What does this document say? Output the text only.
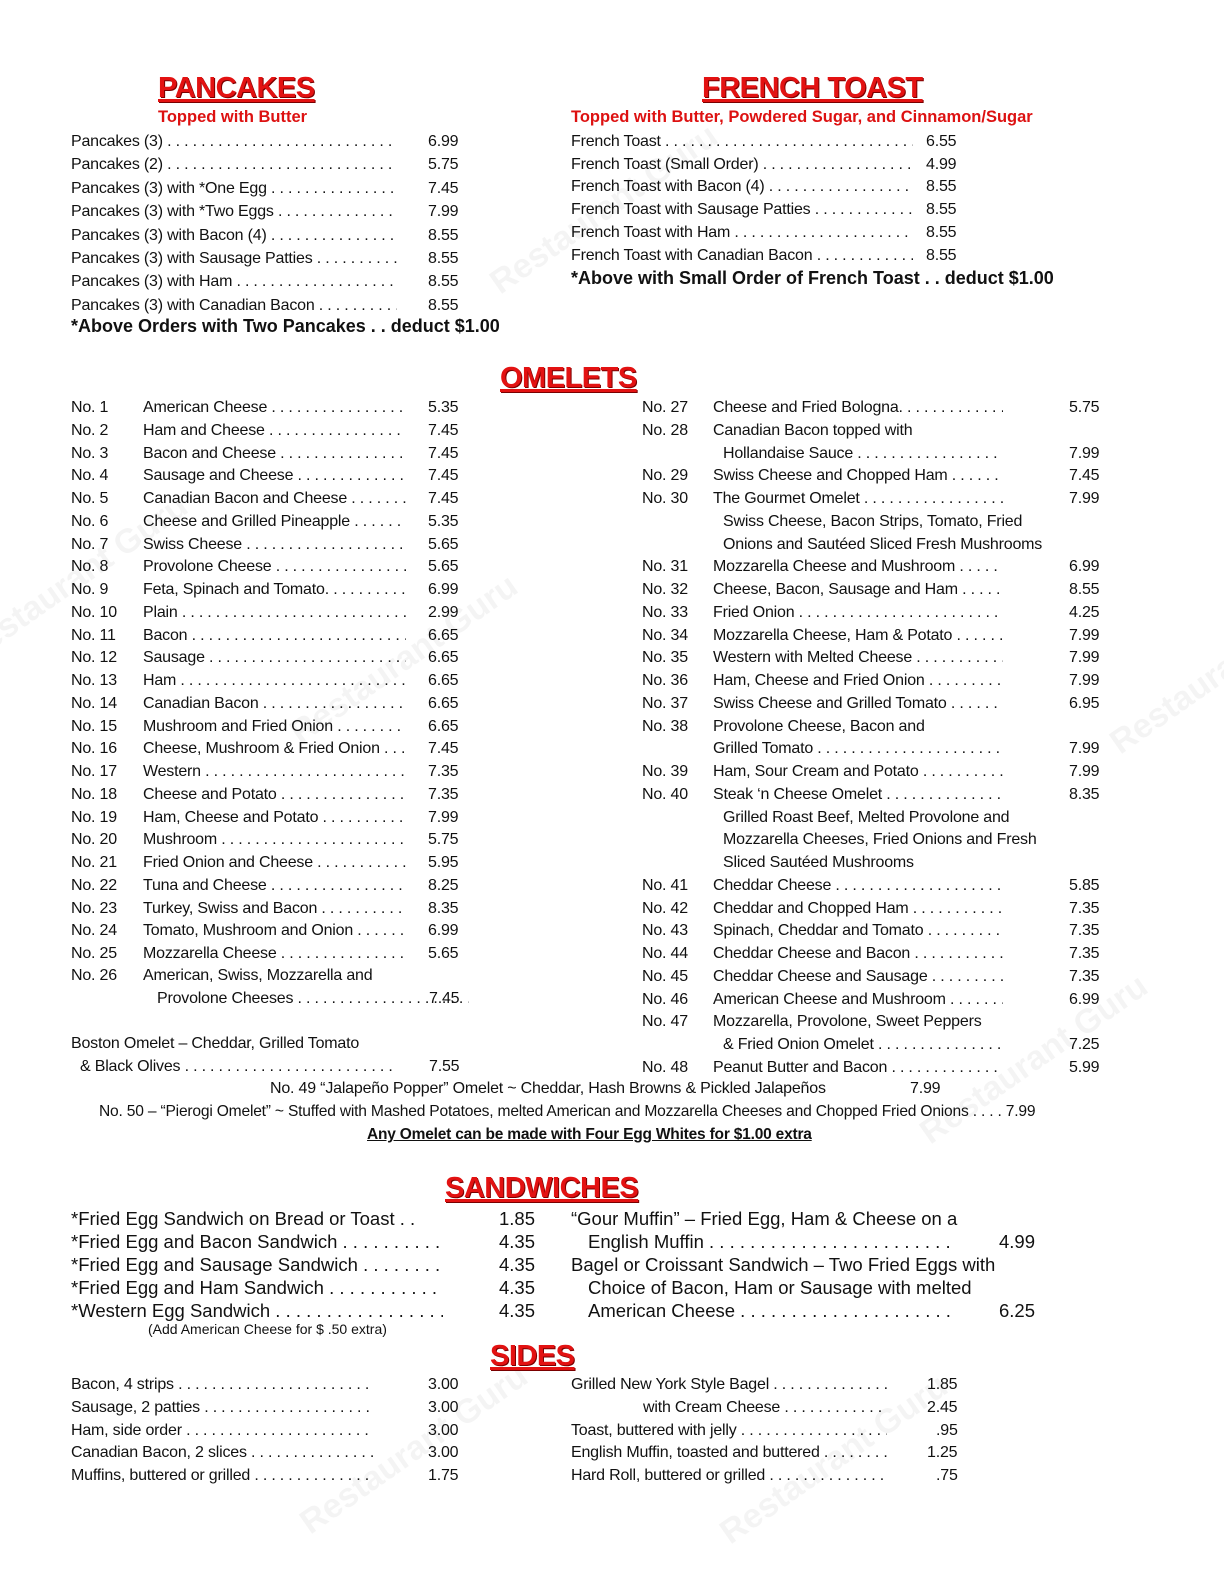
PANCAKES
Topped with Butter
Pancakes (3) . . .	6.99
Pancakes (2) . . .	5.75
Pancakes (3) with *One Egg . . .	7.45
Pancakes (3) with *Two Eggs . . .	7.99
Pancakes (3) with Bacon (4) . . .	8.55
Pancakes (3) with Sausage Patties . . .	8.55
Pancakes (3) with Ham . . .	8.55
Pancakes (3) with Canadian Bacon . . .	8.55
*Above Orders with Two Pancakes . . deduct $1.00
FRENCH TOAST
Topped with Butter, Powdered Sugar, and Cinnamon/Sugar
French Toast . . .	6.55
French Toast (Small Order) . . .	4.99
French Toast with Bacon (4) . . .	8.55
French Toast with Sausage Patties . . .	8.55
French Toast with Ham . . .	8.55
French Toast with Canadian Bacon . . .	8.55
*Above with Small Order of French Toast . . deduct $1.00
OMELETS
No. 1 American Cheese . . .	5.35
No. 2 Ham and Cheese . . .	7.45
No. 3 Bacon and Cheese . . .	7.45
No. 4 Sausage and Cheese . . .	7.45
No. 5 Canadian Bacon and Cheese . . .	7.45
No. 6 Cheese and Grilled Pineapple . . .	5.35
No. 7 Swiss Cheese . . .	5.65
No. 8 Provolone Cheese . . .	5.65
No. 9 Feta, Spinach and Tomato. . . .	6.99
No. 10 Plain . . .	2.99
No. 11 Bacon . . .	6.65
No. 12 Sausage . . .	6.65
No. 13 Ham . . .	6.65
No. 14 Canadian Bacon . . .	6.65
No. 15 Mushroom and Fried Onion . . .	6.65
No. 16 Cheese, Mushroom & Fried Onion . . .	7.45
No. 17 Western . . .	7.35
No. 18 Cheese and Potato . . .	7.35
No. 19 Ham, Cheese and Potato . . .	7.99
No. 20 Mushroom . . .	5.75
No. 21 Fried Onion and Cheese . . .	5.95
No. 22 Tuna and Cheese . . .	8.25
No. 23 Turkey, Swiss and Bacon . . .	8.35
No. 24 Tomato, Mushroom and Onion . . .	6.99
No. 25 Mozzarella Cheese . . .	5.65
No. 27 Cheese and Fried Bologna. . . .	5.75
No. 28 Canadian Bacon topped with
Hollandaise Sauce . . .	7.99
No. 29 Swiss Cheese and Chopped Ham . . .	7.45
No. 30 The Gourmet Omelet . . .	7.99
Swiss Cheese, Bacon Strips, Tomato, Fried
Onions and Sautéed Sliced Fresh Mushrooms
No. 31 Mozzarella Cheese and Mushroom . . .	6.99
No. 32 Cheese, Bacon, Sausage and Ham . . . .	8.55
No. 33 Fried Onion . . .	4.25
No. 34 Mozzarella Cheese, Ham & Potato . . .	7.99
No. 35 Western with Melted Cheese . . .	7.99
No. 36 Ham, Cheese and Fried Onion . . .	7.99
No. 37 Swiss Cheese and Grilled Tomato . . .	6.95
No. 38 Provolone Cheese, Bacon and
Grilled Tomato . . .	7.99
No. 39 Ham, Sour Cream and Potato . . .	7.99
No. 40 Steak ‘n Cheese Omelet . . .	8.35
Grilled Roast Beef, Melted Provolone and
Mozzarella Cheeses, Fried Onions and Fresh
Sliced Sautéed Mushrooms
No. 41 Cheddar Cheese . . .	5.85
No. 42 Cheddar and Chopped Ham . . .	7.35
No. 43 Spinach, Cheddar and Tomato . . .	7.35
No. 44 Cheddar Cheese and Bacon . . .	7.35
No. 45 Cheddar Cheese and Sausage . . .	7.35
No. 46 American Cheese and Mushroom . . .	6.99
No. 47 Mozzarella, Provolone, Sweet Peppers
& Fried Onion Omelet . . .	7.25
No. 48 Peanut Butter and Bacon . . .	5.99
No. 26 American, Swiss, Mozzarella and
Provolone Cheeses . . .	7.45
Boston Omelet – Cheddar, Grilled Tomato
& Black Olives . . .	7.55
No. 49 “Jalapeño Popper” Omelet ~ Cheddar, Hash Browns & Pickled Jalapeños	7.99
No. 50 – “Pierogi Omelet” ~ Stuffed with Mashed Potatoes, melted American and Mozzarella Cheeses and Chopped Fried Onions . . . . 7.99
Any Omelet can be made with Four Egg Whites for $1.00 extra
SANDWICHES
*Fried Egg Sandwich on Bread or Toast . .	1.85
*Fried Egg and Bacon Sandwich . . .	4.35
*Fried Egg and Sausage Sandwich . . .	4.35
*Fried Egg and Ham Sandwich . . .	4.35
*Western Egg Sandwich . . .	4.35
(Add American Cheese for $ .50 extra)
“Gour Muffin” – Fried Egg, Ham & Cheese on a
English Muffin . . .	4.99
Bagel or Croissant Sandwich – Two Fried Eggs with
Choice of Bacon, Ham or Sausage with melted
American Cheese . . .	6.25
SIDES
Bacon, 4 strips . . .	3.00
Sausage, 2 patties . . .	3.00
Ham, side order . . .	3.00
Canadian Bacon, 2 slices . . .	3.00
Muffins, buttered or grilled . . .	1.75
Grilled New York Style Bagel . . .	1.85
with Cream Cheese . . .	2.45
Toast, buttered with jelly . . .	.95
English Muffin, toasted and buttered . . .	1.25
Hard Roll, buttered or grilled . . .	.75
